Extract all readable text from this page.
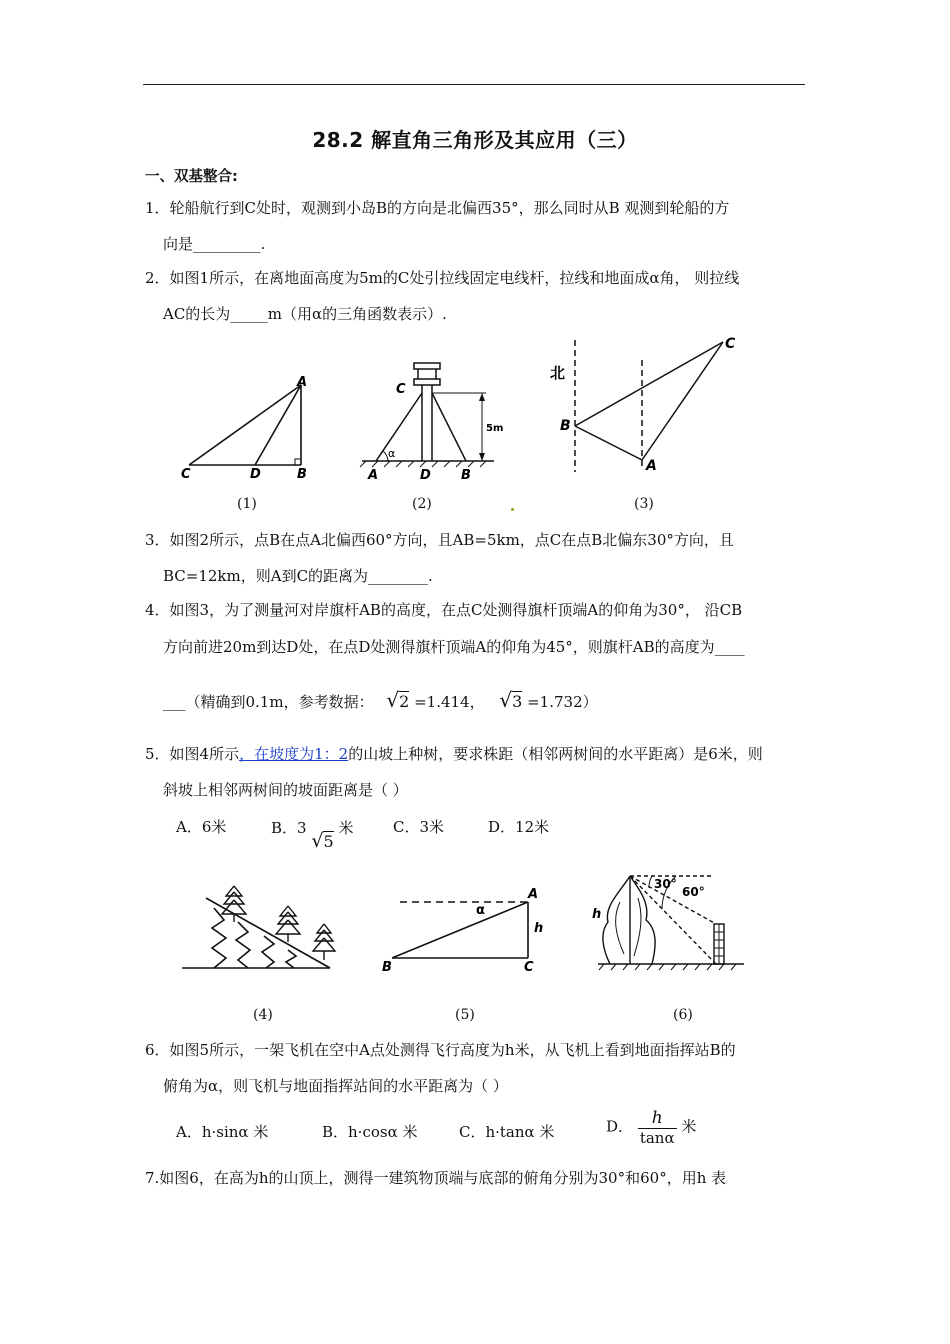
28.2 解直角三角形及其应用（三）
一、双基整合:
1．轮船航行到C处时，观测到小岛B的方向是北偏西35°，那么同时从B 观测到轮船的方
向是_________.
2．如图1所示，在离地面高度为5m的C处引拉线固定电线杆，拉线和地面成α角， 则拉线
AC的长为_____m（用α的三角函数表示）.
A
B
C	D
(1)
C
5m
α
A	D B
(2)
北
B
A
C
(3)
3．如图2所示，点B在点A北偏西60°方向，且AB=5km，点C在点B北偏东30°方向，且
BC=12km，则A到C的距离为________.
4．如图3，为了测量河对岸旗杆AB的高度，在点C处测得旗杆顶端A的仰角为30°， 沿CB
方向前进20m到达D处，在点D处测得旗杆顶端A的仰角为45°，则旗杆AB的高度为____
___（精确到0.1m，参考数据： √2 =1.414， √3 =1.732）
5．如图4所示，在坡度为1：2的山坡上种树，要求株距（相邻两树间的水平距离）是6米，则
斜坡上相邻两树间的坡面距离是（ ）
A．6米	B．3 √5 米	C．3米	D．12米
(4)
A
α
h
B	C
(5)
h
30°
60°
(6)
6．如图5所示，一架飞机在空中A点处测得飞行高度为h米，从飞机上看到地面指挥站B的
俯角为α，则飞机与地面指挥站间的水平距离为（ ）
A．h·sinα 米	B．h·cosα 米	C．h·tanα 米	D． $\frac{h}{\tan\alpha}$ 米
7.如图6，在高为h的山顶上，测得一建筑物顶端与底部的俯角分别为30°和60°，用h 表
